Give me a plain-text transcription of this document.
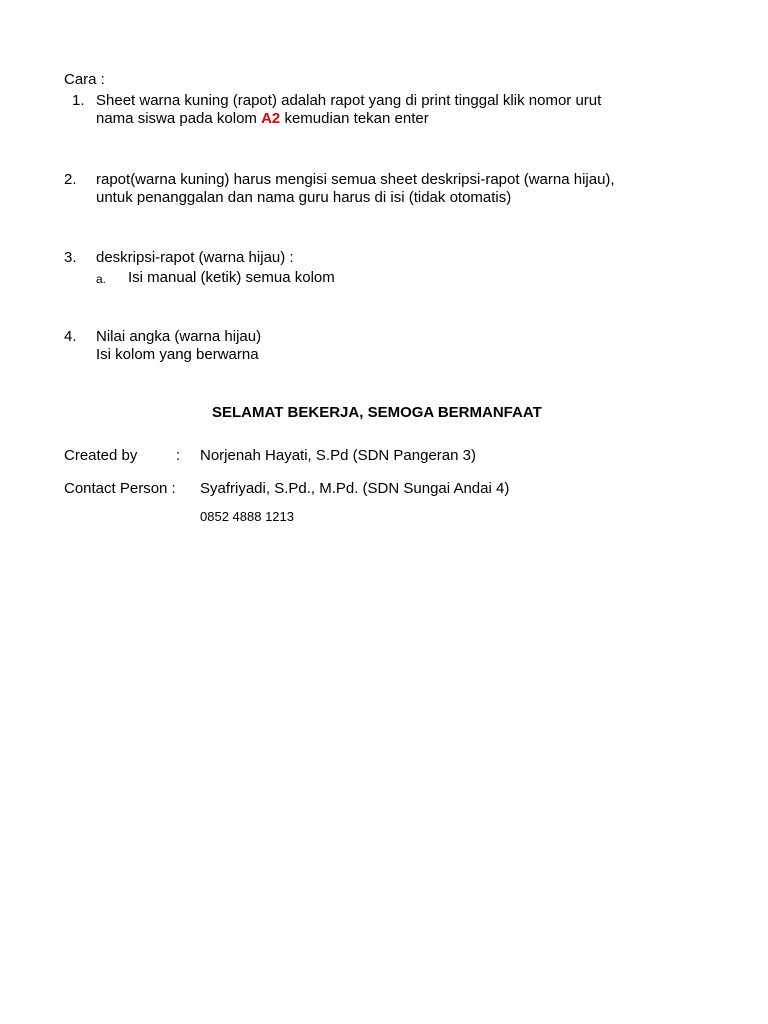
Cara :
1. Sheet warna kuning (rapot) adalah rapot yang di print tinggal klik nomor urut
nama siswa pada kolom A2 kemudian tekan enter
2. rapot(warna kuning) harus mengisi semua sheet deskripsi-rapot (warna hijau),
untuk penanggalan dan nama guru harus di isi (tidak otomatis)
3. deskripsi-rapot (warna hijau) :
a. Isi manual (ketik) semua kolom
4. Nilai angka (warna hijau)
Isi kolom yang berwarna
SELAMAT BEKERJA, SEMOGA BERMANFAAT
Created by	: Norjenah Hayati, S.Pd (SDN Pangeran 3)
Contact Person : Syafriyadi, S.Pd., M.Pd. (SDN Sungai Andai 4)
0852 4888 1213
